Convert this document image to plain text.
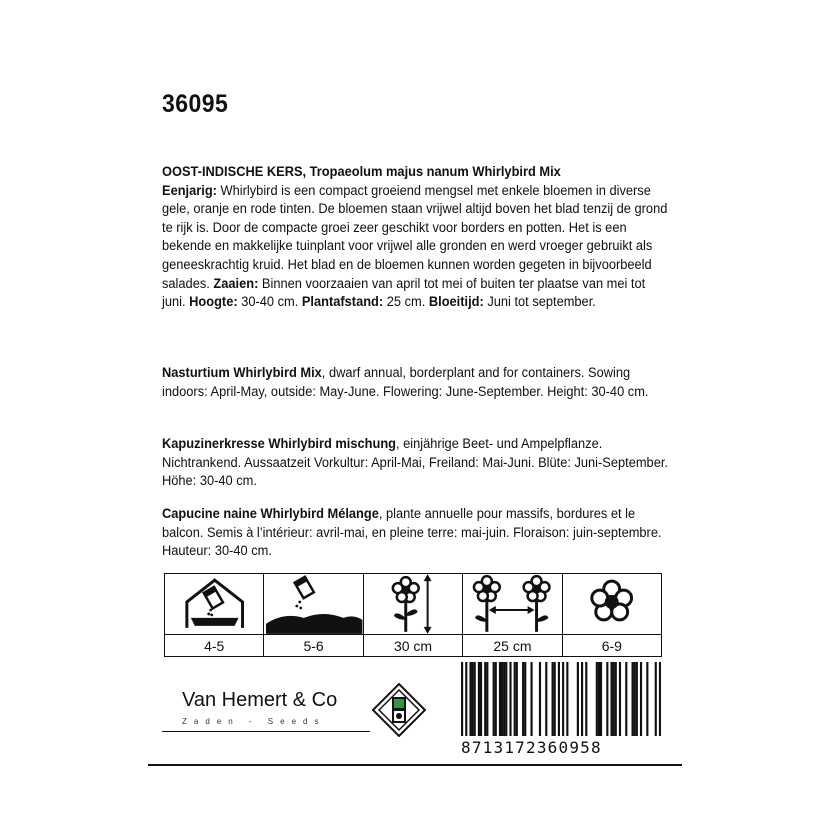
36095
OOST-INDISCHE KERS, Tropaeolum majus nanum Whirlybird Mix
Eenjarig: Whirlybird is een compact groeiend mengsel met enkele bloemen in diverse gele, oranje en rode tinten. De bloemen staan vrijwel altijd boven het blad tenzij de grond te rijk is. Door de compacte groei zeer geschikt voor borders en potten. Het is een bekende en makkelijke tuinplant voor vrijwel alle gronden en werd vroeger gebruikt als geneeskrachtig kruid. Het blad en de bloemen kunnen worden gegeten in bijvoorbeeld salades. Zaaien: Binnen voorzaaien van april tot mei of buiten ter plaatse van mei tot juni. Hoogte: 30-40 cm. Plantafstand: 25 cm. Bloeitijd: Juni tot september.
Nasturtium Whirlybird Mix, dwarf annual, borderplant and for containers. Sowing indoors: April-May, outside: May-June. Flowering: June-September. Height: 30-40 cm.
Kapuzinerkresse Whirlybird mischung, einjährige Beet- und Ampelpflanze. Nichtrankend. Aussaatzeit Vorkultur: April-Mai, Freiland: Mai-Juni. Blüte: Juni-September. Höhe: 30-40 cm.
Capucine naine Whirlybird Mélange, plante annuelle pour massifs, bordures et le balcon. Semis à l’intérieur: avril-mai, en pleine terre: mai-juin. Floraison: juin-septembre. Hauteur: 30-40 cm.
4-5	5-6	30 cm	25 cm	6-9
Van Hemert & Co
Zaden - Seeds
8713172360958
